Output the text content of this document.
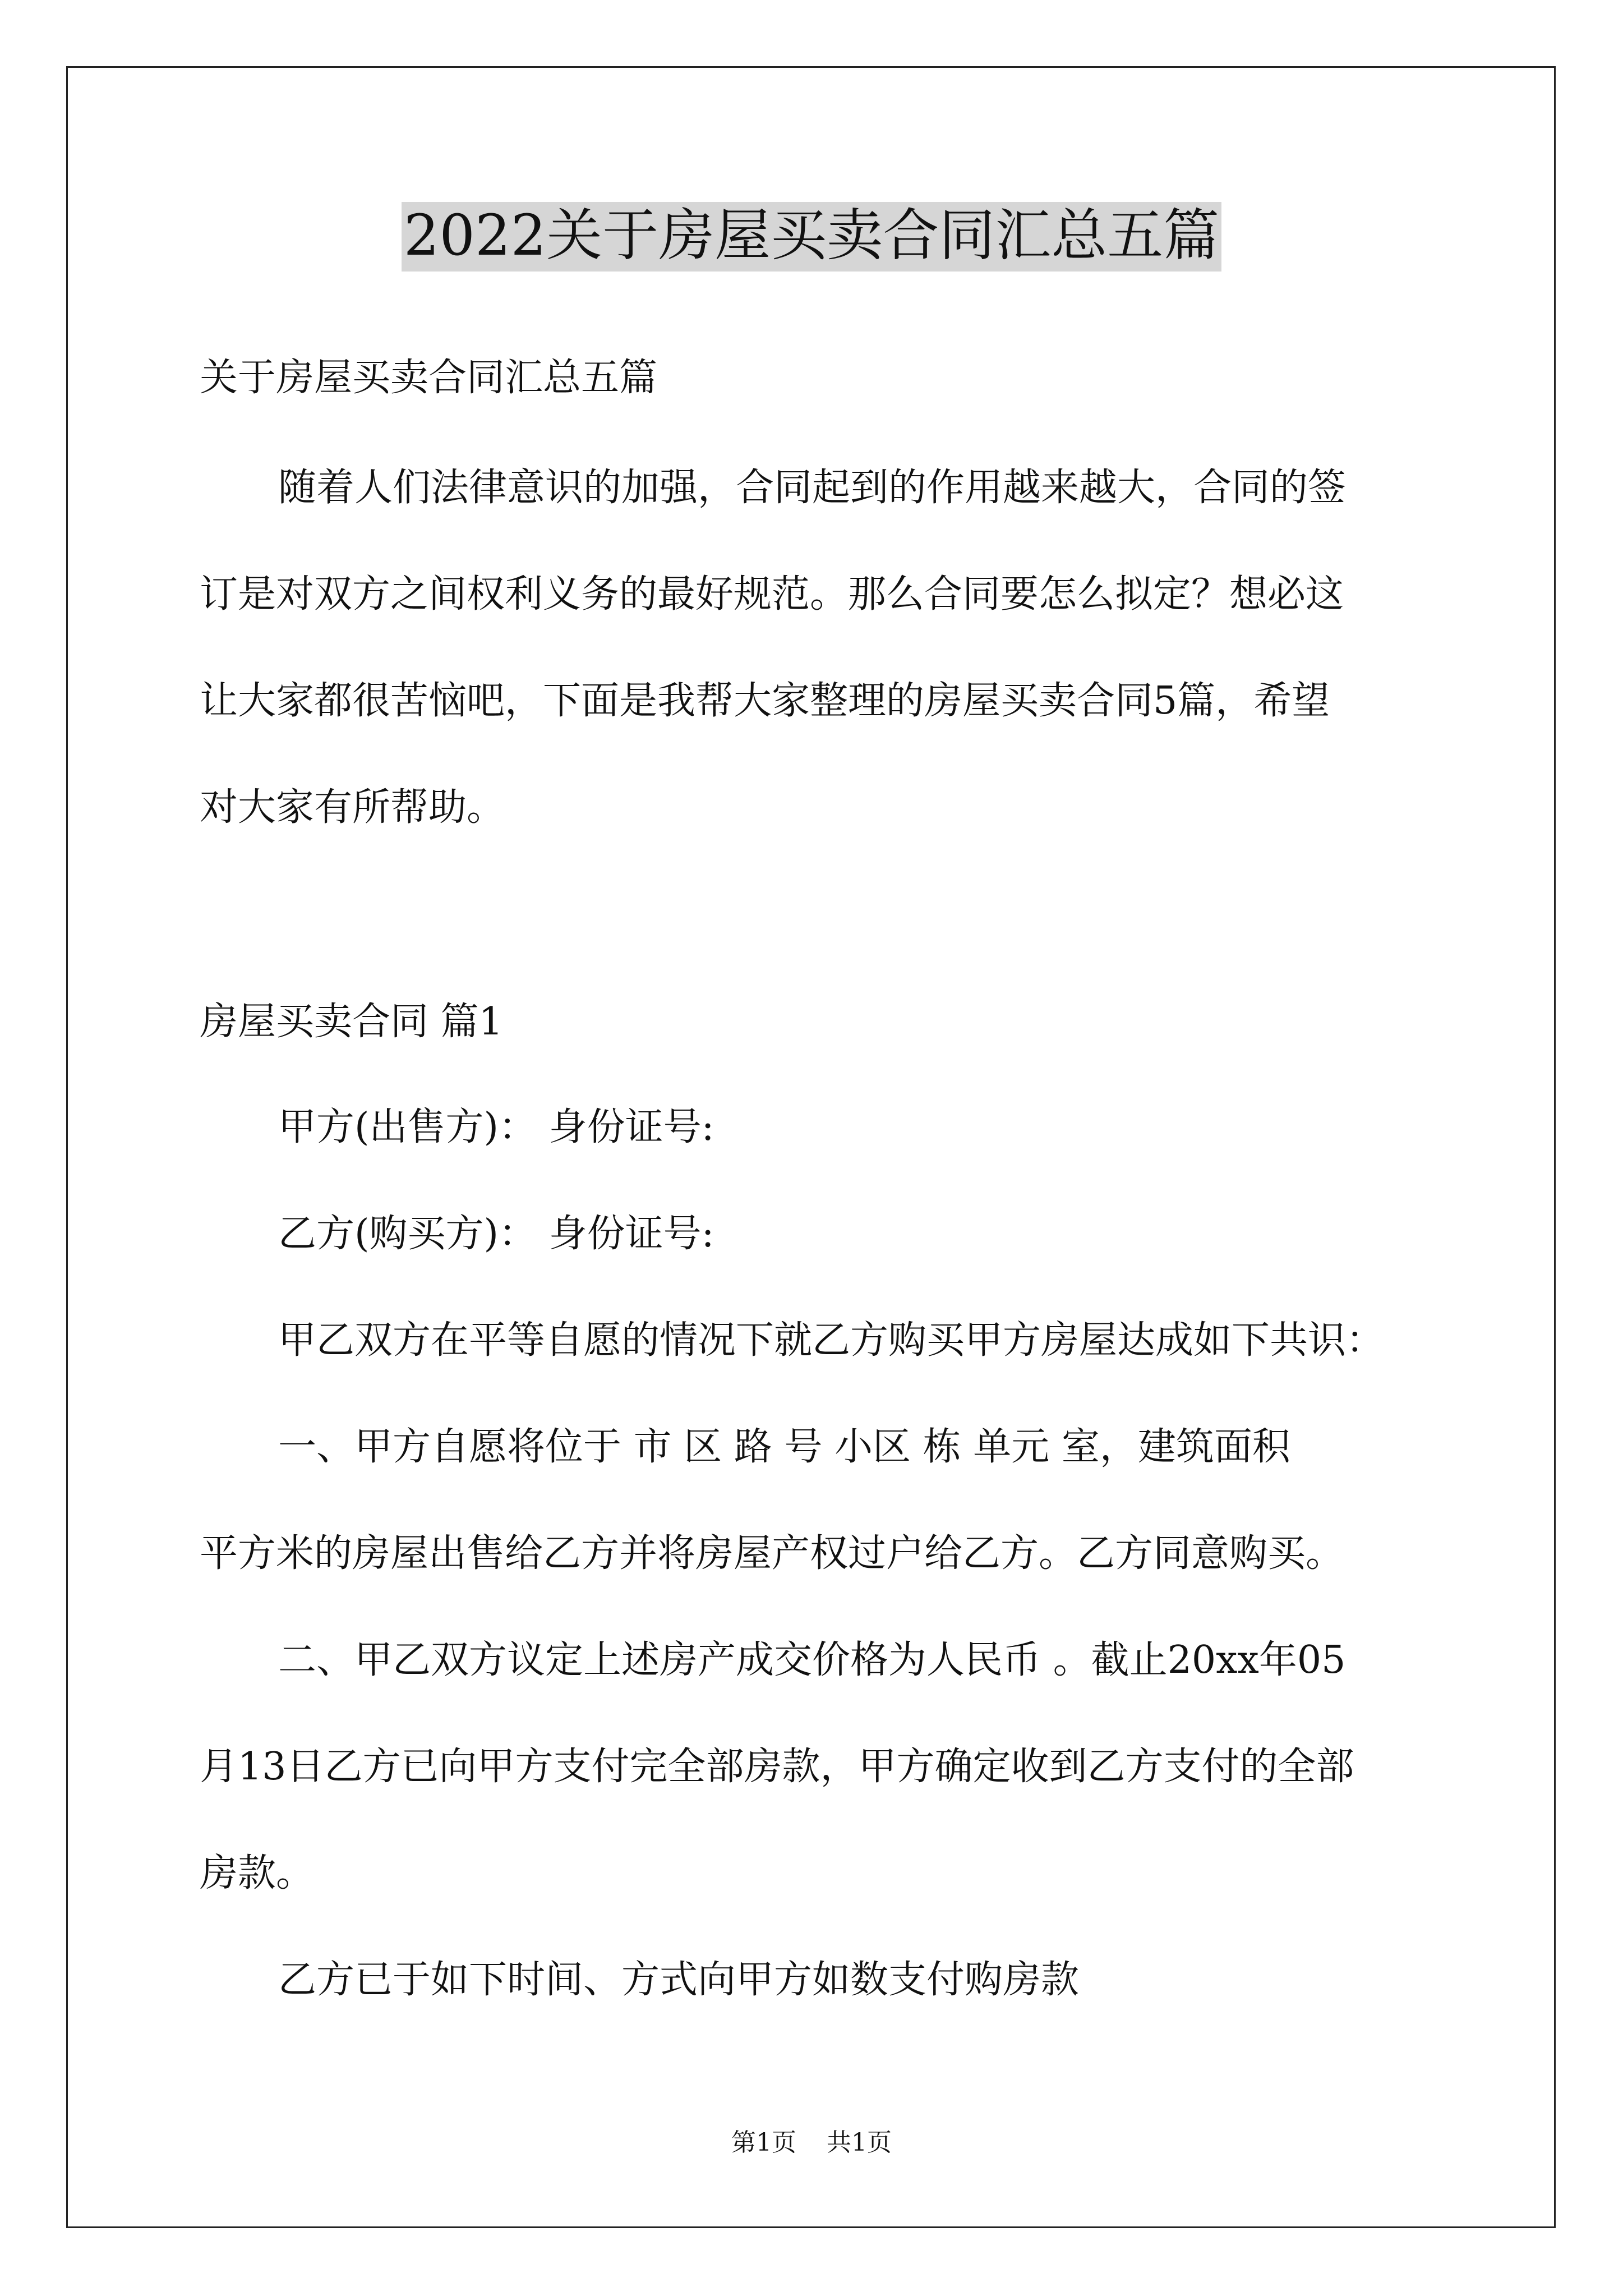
2022关于房屋买卖合同汇总五篇
关于房屋买卖合同汇总五篇
随着人们法律意识的加强，合同起到的作用越来越大，合同的签
订是对双方之间权利义务的最好规范。那么合同要怎么拟定？想必这
让大家都很苦恼吧，下面是我帮大家整理的房屋买卖合同5篇，希望
对大家有所帮助。
房屋买卖合同 篇1
甲方(出售方)： 身份证号:
乙方(购买方)： 身份证号:
甲乙双方在平等自愿的情况下就乙方购买甲方房屋达成如下共识：
一、甲方自愿将位于 市 区 路 号 小区 栋 单元 室，建筑面积
平方米的房屋出售给乙方并将房屋产权过户给乙方。乙方同意购买。
二、甲乙双方议定上述房产成交价格为人民币 。截止20xx年05
月13日乙方已向甲方支付完全部房款，甲方确定收到乙方支付的全部
房款。
乙方已于如下时间、方式向甲方如数支付购房款
第1页 共1页
